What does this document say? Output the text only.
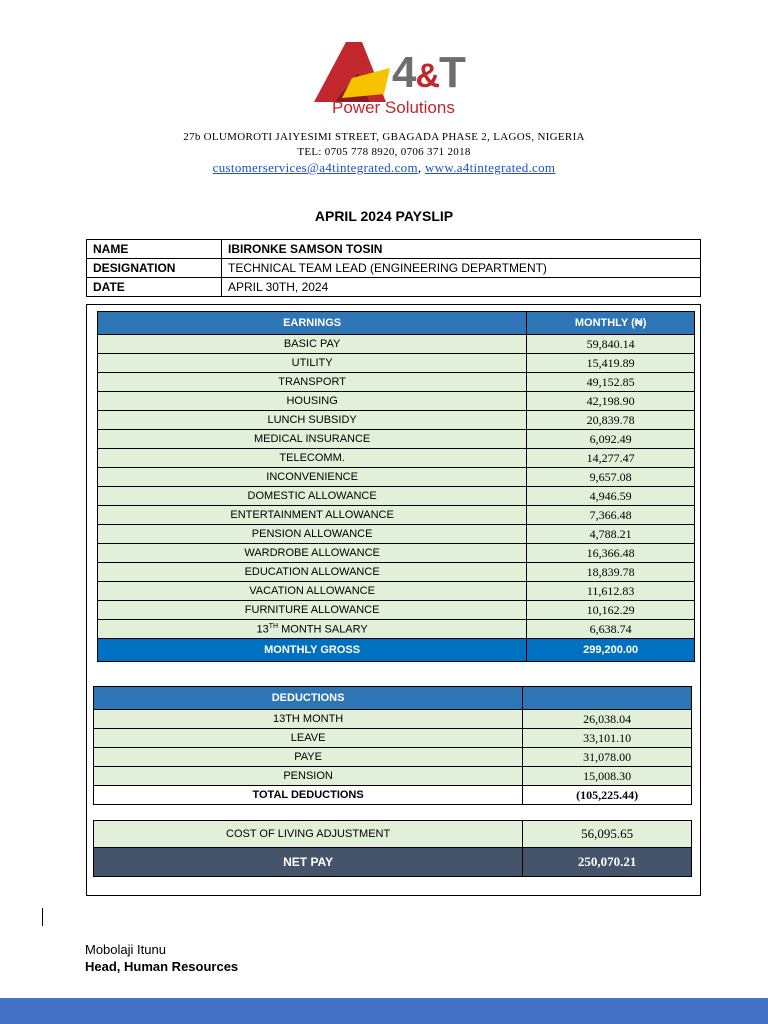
4&T
Power Solutions
27b OLUMOROTI JAIYESIMI STREET, GBAGADA PHASE 2, LAGOS, NIGERIA
TEL: 0705 778 8920, 0706 371 2018
customerservices@a4tintegrated.com, www.a4tintegrated.com
APRIL 2024 PAYSLIP
NAME	IBIRONKE SAMSON TOSIN
DESIGNATION	TECHNICAL TEAM LEAD (ENGINEERING DEPARTMENT)
DATE	APRIL 30TH, 2024
EARNINGS	MONTHLY (₦)
BASIC PAY	59,840.14
UTILITY	15,419.89
TRANSPORT	49,152.85
HOUSING	42,198.90
LUNCH SUBSIDY	20,839.78
MEDICAL INSURANCE	6,092.49
TELECOMM.	14,277.47
INCONVENIENCE	9,657.08
DOMESTIC ALLOWANCE	4,946.59
ENTERTAINMENT ALLOWANCE	7,366.48
PENSION ALLOWANCE	4,788.21
WARDROBE ALLOWANCE	16,366.48
EDUCATION ALLOWANCE	18,839.78
VACATION ALLOWANCE	11,612.83
FURNITURE ALLOWANCE	10,162.29
13TH MONTH SALARY	6,638.74
MONTHLY GROSS	299,200.00
DEDUCTIONS	
13TH MONTH	26,038.04
LEAVE	33,101.10
PAYE	31,078.00
PENSION	15,008.30
TOTAL DEDUCTIONS	(105,225.44)
COST OF LIVING ADJUSTMENT	56,095.65
NET PAY	250,070.21
Mobolaji Itunu
Head, Human Resources
